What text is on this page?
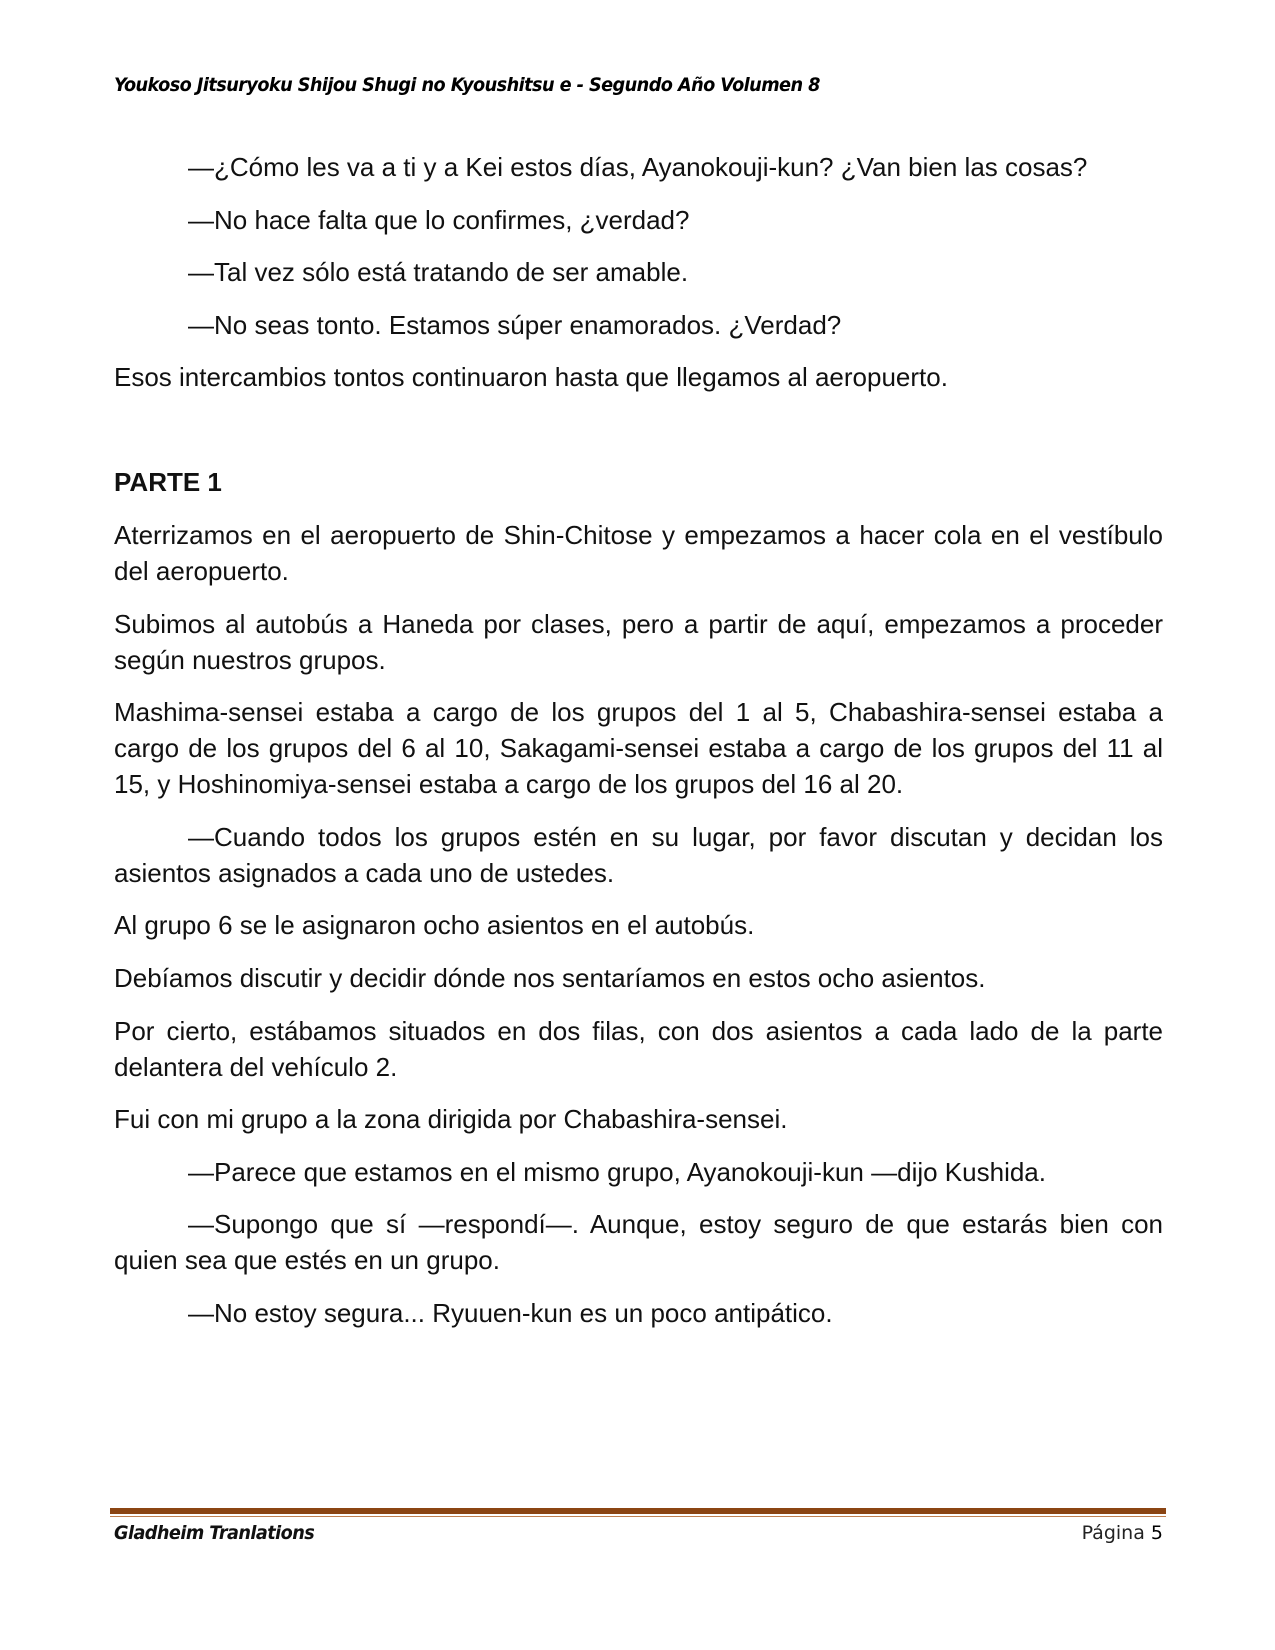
Youkoso Jitsuryoku Shijou Shugi no Kyoushitsu e - Segundo Año Volumen 8

—¿Cómo les va a ti y a Kei estos días, Ayanokouji-kun? ¿Van bien las cosas?

—No hace falta que lo confirmes, ¿verdad?

—Tal vez sólo está tratando de ser amable.

—No seas tonto. Estamos súper enamorados. ¿Verdad?

Esos intercambios tontos continuaron hasta que llegamos al aeropuerto.

PARTE 1

Aterrizamos en el aeropuerto de Shin-Chitose y empezamos a hacer cola en el vestíbulo del aeropuerto.

Subimos al autobús a Haneda por clases, pero a partir de aquí, empezamos a proceder según nuestros grupos.

Mashima-sensei estaba a cargo de los grupos del 1 al 5, Chabashira-sensei estaba a cargo de los grupos del 6 al 10, Sakagami-sensei estaba a cargo de los grupos del 11 al 15, y Hoshinomiya-sensei estaba a cargo de los grupos del 16 al 20.

—Cuando todos los grupos estén en su lugar, por favor discutan y decidan los asientos asignados a cada uno de ustedes.

Al grupo 6 se le asignaron ocho asientos en el autobús.

Debíamos discutir y decidir dónde nos sentaríamos en estos ocho asientos.

Por cierto, estábamos situados en dos filas, con dos asientos a cada lado de la parte delantera del vehículo 2.

Fui con mi grupo a la zona dirigida por Chabashira-sensei.

—Parece que estamos en el mismo grupo, Ayanokouji-kun —dijo Kushida.

—Supongo que sí —respondí—. Aunque, estoy seguro de que estarás bien con quien sea que estés en un grupo.

—No estoy segura... Ryuuen-kun es un poco antipático.

Gladheim Tranlations	Página 5
